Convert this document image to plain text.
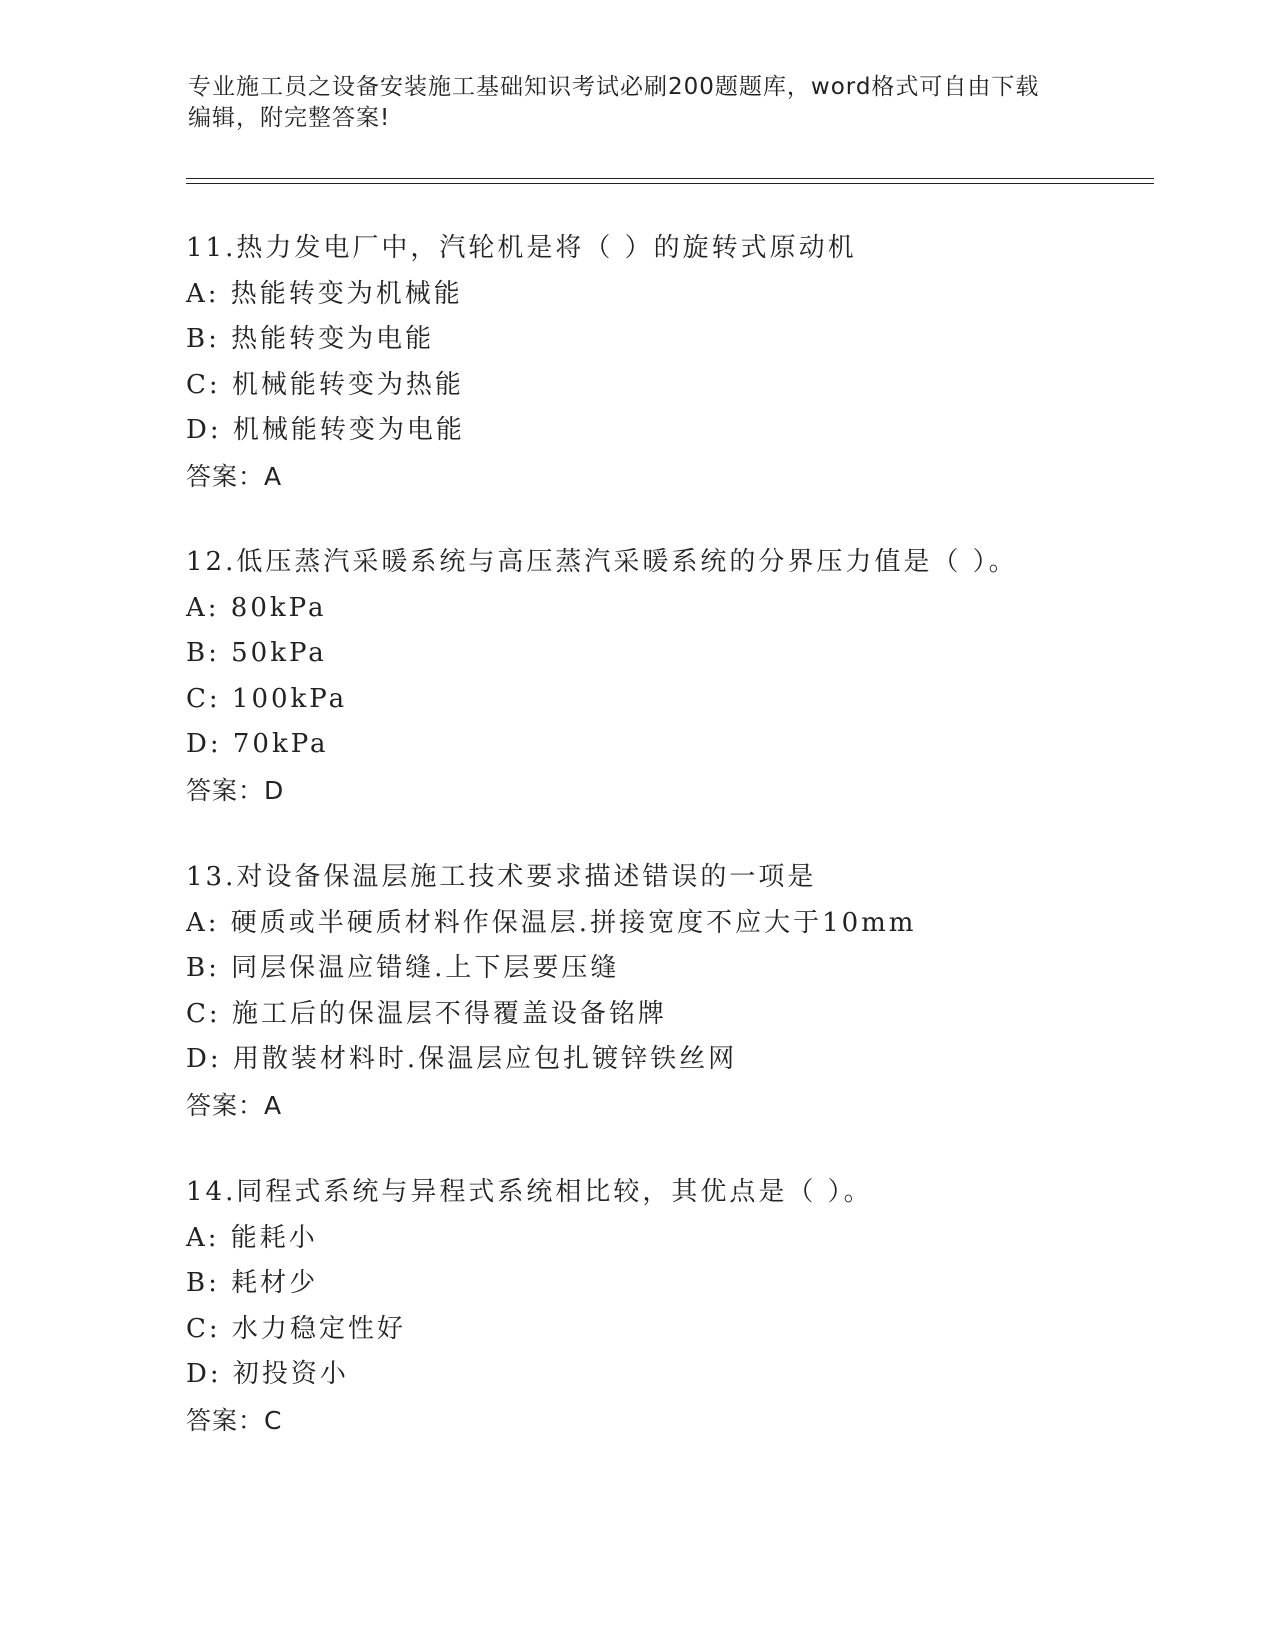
专业施工员之设备安装施工基础知识考试必刷200题题库，word格式可自由下载
编辑，附完整答案!
11.热力发电厂中，汽轮机是将（ ）的旋转式原动机
A: 热能转变为机械能
B: 热能转变为电能
C: 机械能转变为热能
D: 机械能转变为电能
答案：A
12.低压蒸汽采暖系统与高压蒸汽采暖系统的分界压力值是（ ）。
A: 80kPa
B: 50kPa
C: 100kPa
D: 70kPa
答案：D
13.对设备保温层施工技术要求描述错误的一项是
A: 硬质或半硬质材料作保温层.拼接宽度不应大于10mm
B: 同层保温应错缝.上下层要压缝
C: 施工后的保温层不得覆盖设备铭牌
D: 用散装材料时.保温层应包扎镀锌铁丝网
答案：A
14.同程式系统与异程式系统相比较，其优点是（ ）。
A: 能耗小
B: 耗材少
C: 水力稳定性好
D: 初投资小
答案：C
